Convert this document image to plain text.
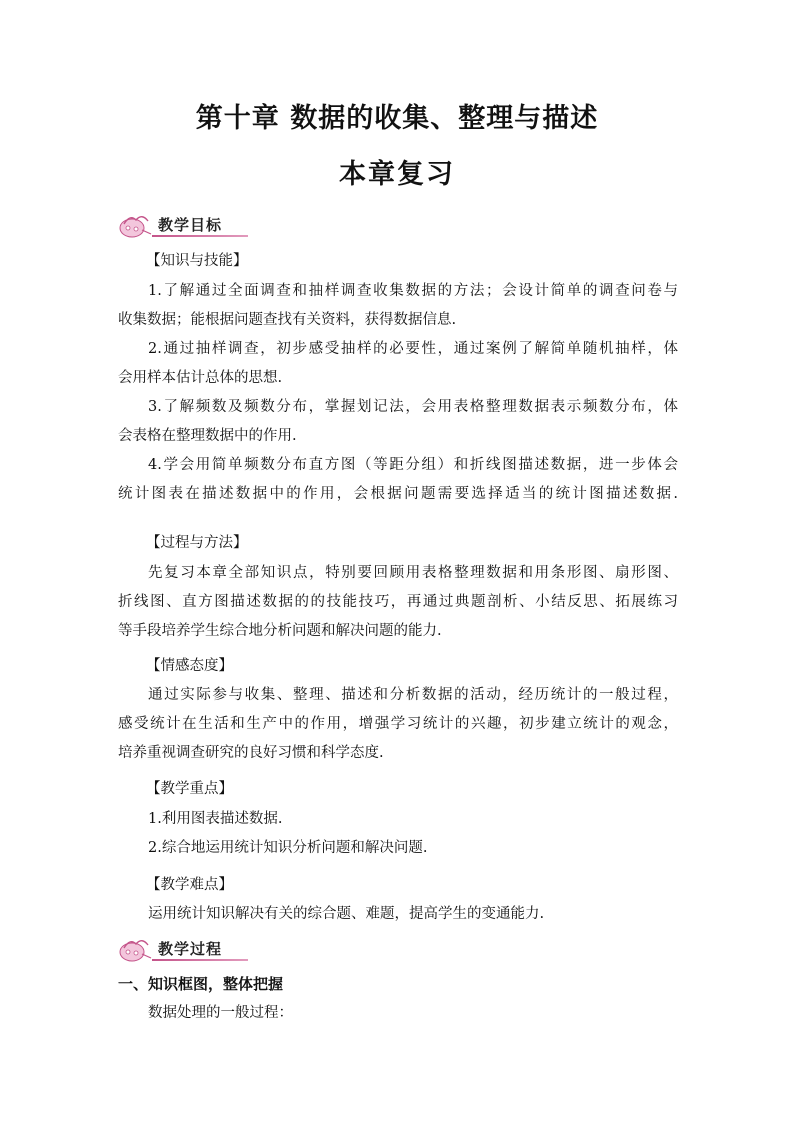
第十章 数据的收集、整理与描述
本章复习
教学目标
【知识与技能】
1.了解通过全面调查和抽样调查收集数据的方法；会设计简单的调查问卷与
收集数据；能根据问题查找有关资料，获得数据信息.
2.通过抽样调查，初步感受抽样的必要性，通过案例了解简单随机抽样，体
会用样本估计总体的思想.
3.了解频数及频数分布，掌握划记法，会用表格整理数据表示频数分布，体
会表格在整理数据中的作用.
4.学会用简单频数分布直方图（等距分组）和折线图描述数据，进一步体会
统计图表在描述数据中的作用，会根据问题需要选择适当的统计图描述数据.
【过程与方法】
先复习本章全部知识点，特别要回顾用表格整理数据和用条形图、扇形图、
折线图、直方图描述数据的的技能技巧，再通过典题剖析、小结反思、拓展练习
等手段培养学生综合地分析问题和解决问题的能力.
【情感态度】
通过实际参与收集、整理、描述和分析数据的活动，经历统计的一般过程，
感受统计在生活和生产中的作用，增强学习统计的兴趣，初步建立统计的观念，
培养重视调查研究的良好习惯和科学态度.
【教学重点】
1.利用图表描述数据.
2.综合地运用统计知识分析问题和解决问题.
【教学难点】
运用统计知识解决有关的综合题、难题，提高学生的变通能力.
教学过程
一、知识框图，整体把握
数据处理的一般过程：
